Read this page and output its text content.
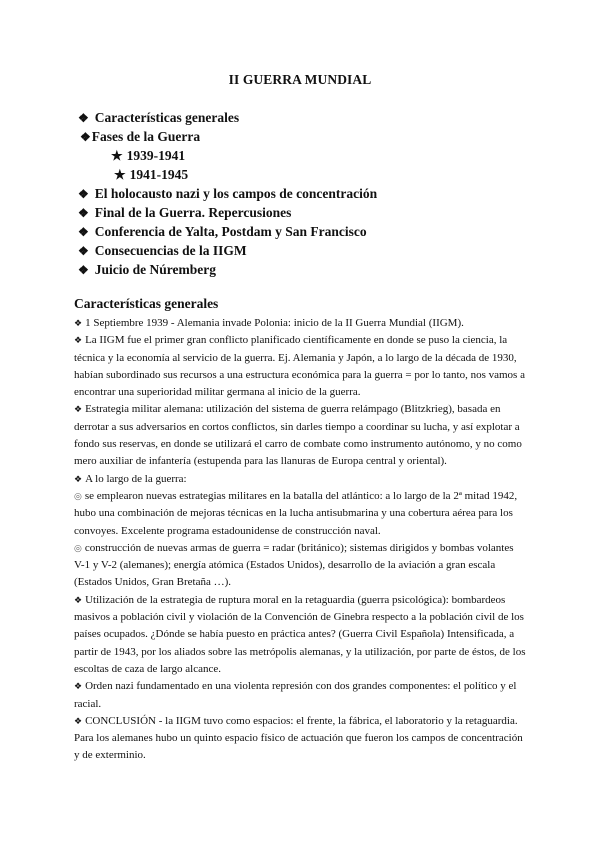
II GUERRA MUNDIAL
❖ Características generales
❖Fases de la Guerra
★ 1939-1941
★ 1941-1945
❖ El holocausto nazi y los campos de concentración
❖ Final de la Guerra. Repercusiones
❖ Conferencia de Yalta, Postdam y San Francisco
❖ Consecuencias de la IIGM
❖ Juicio de Núremberg
Características generales

❖ 1 Septiembre 1939 - Alemania invade Polonia: inicio de la II Guerra Mundial (IIGM).

❖ La IIGM fue el primer gran conflicto planificado científicamente en donde se puso la ciencia, la técnica y la economía al servicio de la guerra. Ej. Alemania y Japón, a lo largo de la década de 1930, habían subordinado sus recursos a una estructura económica para la guerra = por lo tanto, nos vamos a encontrar una superioridad militar germana al inicio de la guerra.

❖ Estrategia militar alemana: utilización del sistema de guerra relámpago (Blitzkrieg), basada en derrotar a sus adversarios en cortos conflictos, sin darles tiempo a coordinar su lucha, y así explotar a fondo sus reservas, en donde se utilizará el carro de combate como instrumento autónomo, y no como mero auxiliar de infantería (estupenda para las llanuras de Europa central y oriental).

❖ A lo largo de la guerra:

◎ se emplearon nuevas estrategias militares en la batalla del atlántico: a lo largo de la 2ª mitad 1942, hubo una combinación de mejoras técnicas en la lucha antisubmarina y una cobertura aérea para los convoyes. Excelente programa estadounidense de construcción naval.

◎ construcción de nuevas armas de guerra = radar (británico); sistemas dirigidos y bombas volantes V-1 y V-2 (alemanes); energía atómica (Estados Unidos), desarrollo de la aviación a gran escala (Estados Unidos, Gran Bretaña …).

❖ Utilización de la estrategia de ruptura moral en la retaguardia (guerra psicológica): bombardeos masivos a población civil y violación de la Convención de Ginebra respecto a la población civil de los países ocupados. ¿Dónde se había puesto en práctica antes? (Guerra Civil Española) Intensificada, a partir de 1943, por los aliados sobre las metrópolis alemanas, y la utilización, por parte de éstos, de los escoltas de caza de largo alcance.

❖ Orden nazi fundamentado en una violenta represión con dos grandes componentes: el político y el racial.

❖ CONCLUSIÓN - la IIGM tuvo como espacios: el frente, la fábrica, el laboratorio y la retaguardia. Para los alemanes hubo un quinto espacio físico de actuación que fueron los campos de concentración y de exterminio.
